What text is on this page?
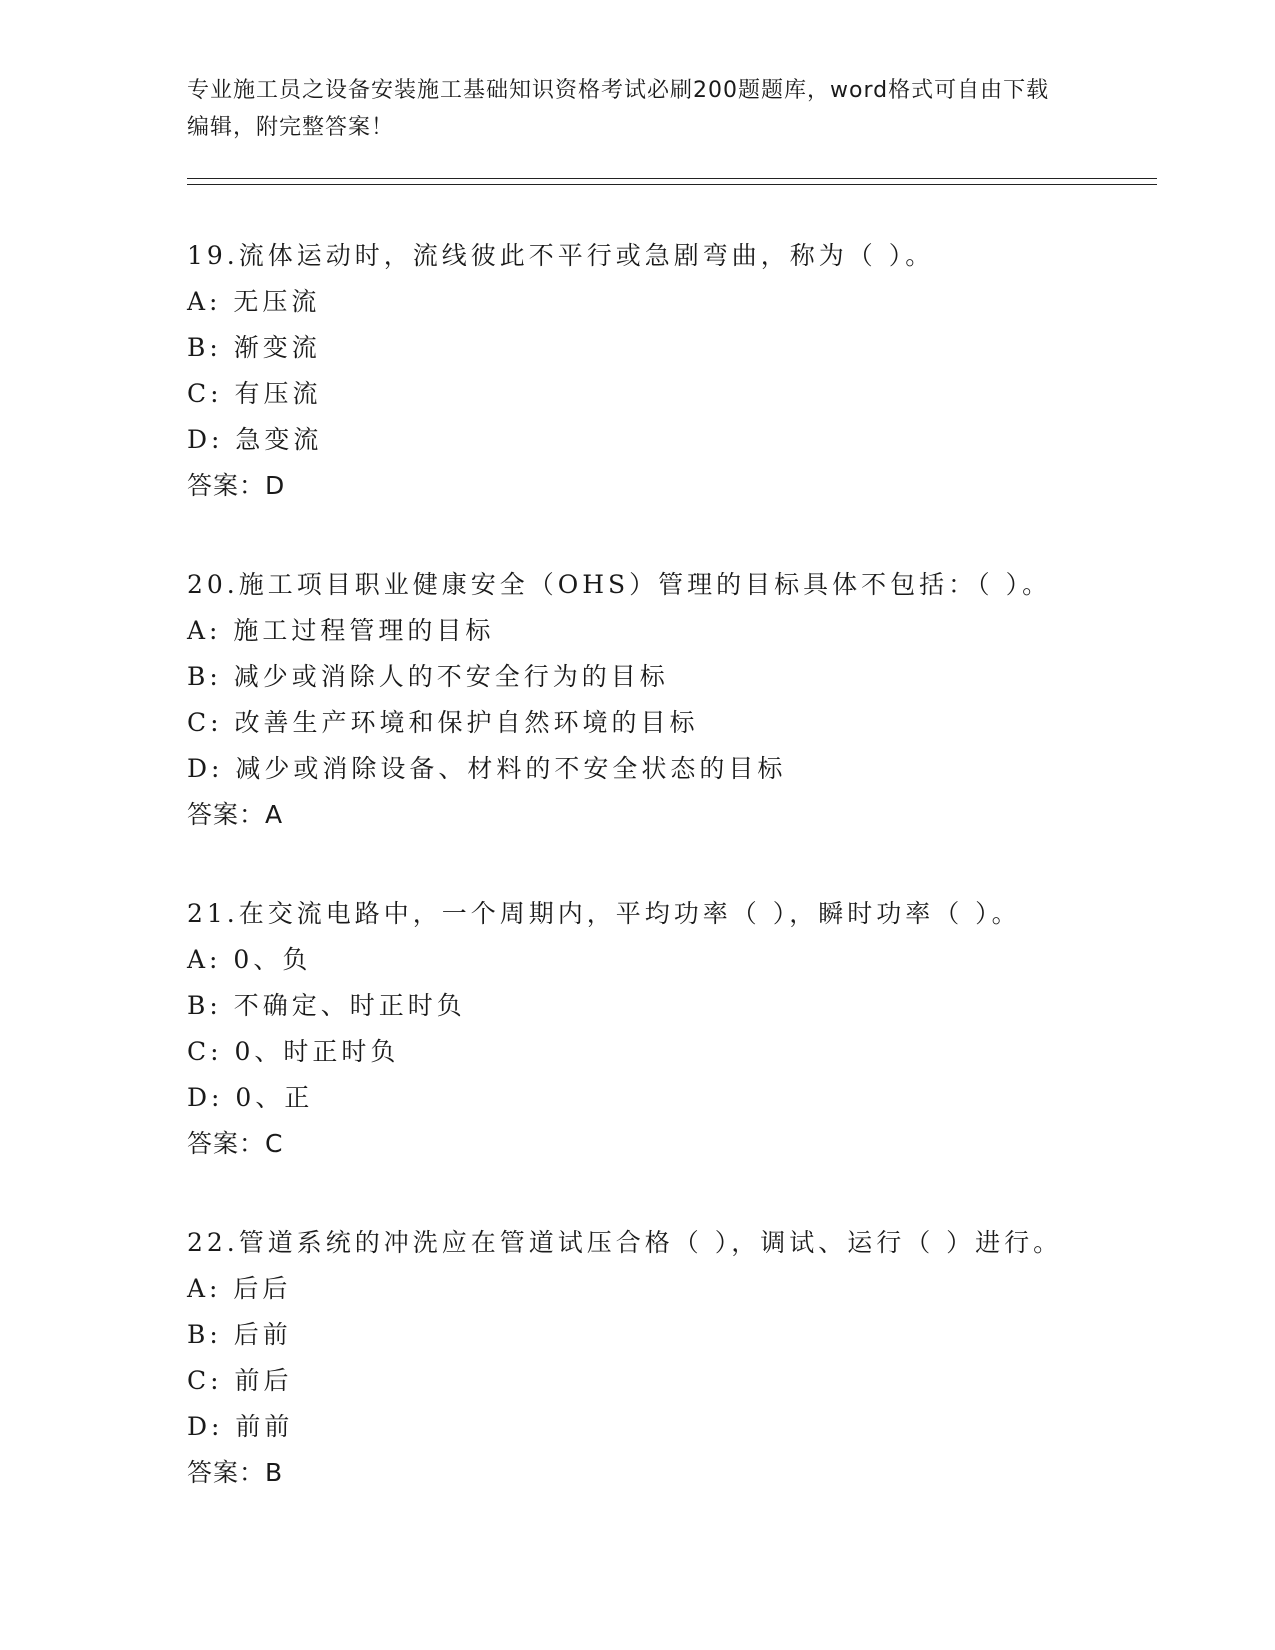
专业施工员之设备安装施工基础知识资格考试必刷200题题库，word格式可自由下载编辑，附完整答案！
19.流体运动时，流线彼此不平行或急剧弯曲，称为（ ）。
A: 无压流
B: 渐变流
C: 有压流
D: 急变流
答案：D
20.施工项目职业健康安全（OHS）管理的目标具体不包括：（ ）。
A: 施工过程管理的目标
B: 减少或消除人的不安全行为的目标
C: 改善生产环境和保护自然环境的目标
D: 减少或消除设备、材料的不安全状态的目标
答案：A
21.在交流电路中，一个周期内，平均功率（ ），瞬时功率（ ）。
A: 0、负
B: 不确定、时正时负
C: 0、时正时负
D: 0、正
答案：C
22.管道系统的冲洗应在管道试压合格（ ），调试、运行（ ）进行。
A: 后后
B: 后前
C: 前后
D: 前前
答案：B
